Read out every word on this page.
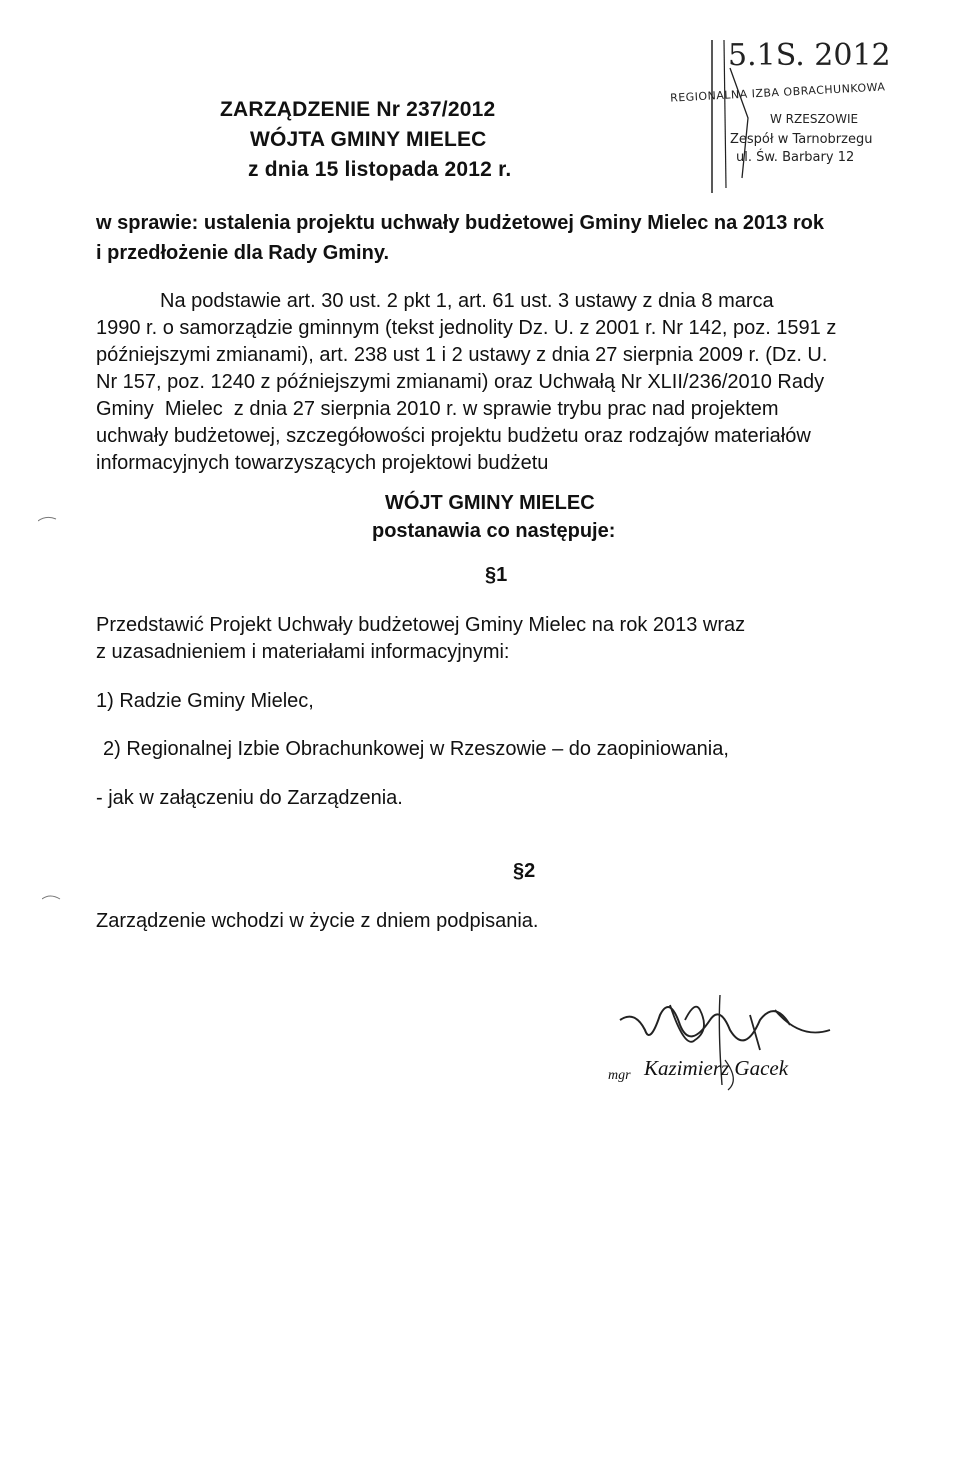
ZARZĄDZENIE Nr 237/2012
WÓJTA GMINY MIELEC
z dnia 15 listopada 2012 r.
5.1S. 2012
REGIONALNA IZBA OBRACHUNKOWA
W RZESZOWIE
Zespół w Tarnobrzegu
ul. Św. Barbary 12
w sprawie: ustalenia projektu uchwały budżetowej Gminy Mielec na 2013 rok
i przedłożenie dla Rady Gminy.
Na podstawie art. 30 ust. 2 pkt 1, art. 61 ust. 3 ustawy z dnia 8 marca
1990 r. o samorządzie gminnym (tekst jednolity Dz. U. z 2001 r. Nr 142, poz. 1591 z
późniejszymi zmianami), art. 238 ust 1 i 2 ustawy z dnia 27 sierpnia 2009 r. (Dz. U.
Nr 157, poz. 1240 z późniejszymi zmianami) oraz Uchwałą Nr XLII/236/2010 Rady
Gminy  Mielec  z dnia 27 sierpnia 2010 r. w sprawie trybu prac nad projektem
uchwały budżetowej, szczegółowości projektu budżetu oraz rodzajów materiałów
informacyjnych towarzyszących projektowi budżetu
WÓJT GMINY MIELEC
postanawia co następuje:
§1
Przedstawić Projekt Uchwały budżetowej Gminy Mielec na rok 2013 wraz
z uzasadnieniem i materiałami informacyjnymi:
1) Radzie Gminy Mielec,
2) Regionalnej Izbie Obrachunkowej w Rzeszowie – do zaopiniowania,
- jak w załączeniu do Zarządzenia.
§2
Zarządzenie wchodzi w życie z dniem podpisania.
mgr Kazimierz Gacek
